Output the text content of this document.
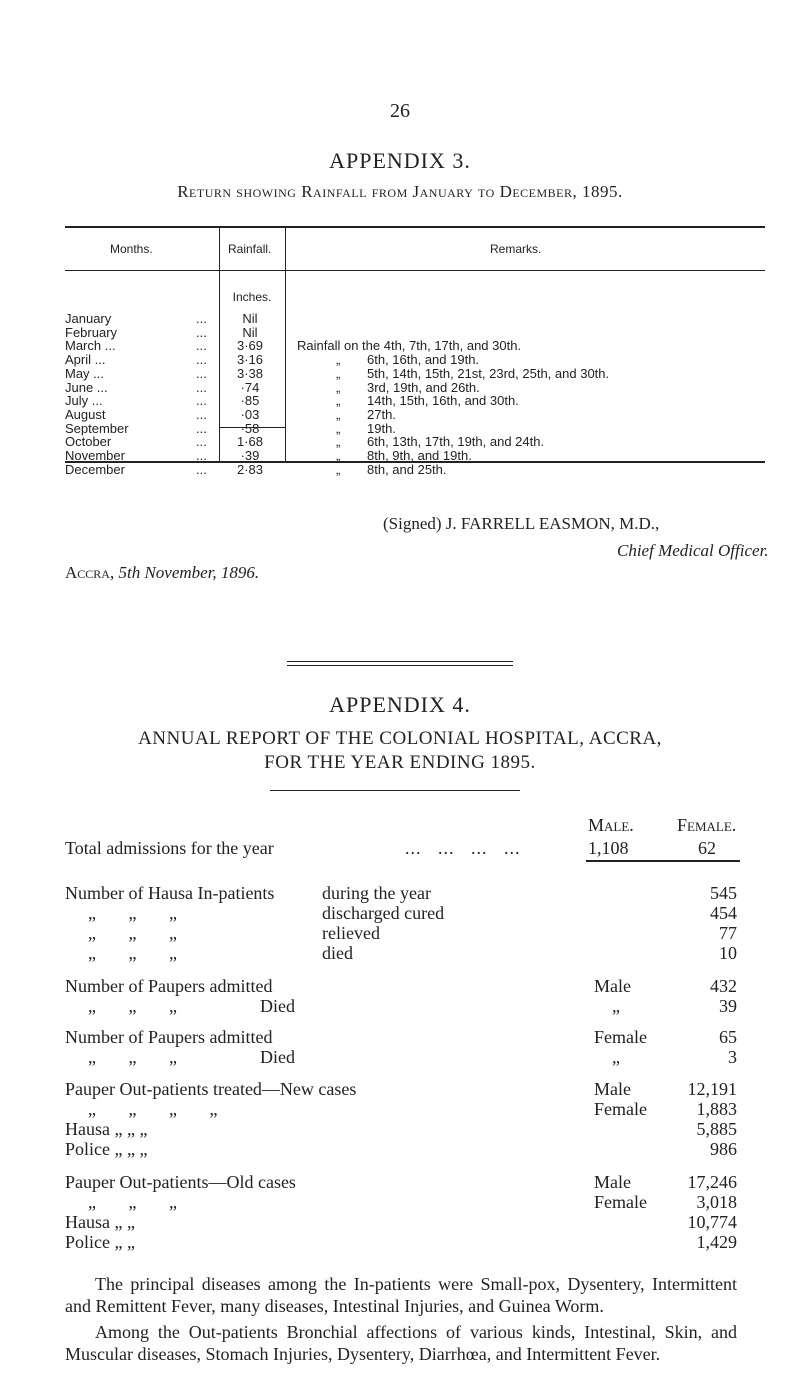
26
APPENDIX 3.
Return showing Rainfall from January to December, 1895.
Months.	Rainfall.	Remarks.
Inches.
January	...	Nil
February	...	Nil
March ...	...	3·69	Rainfall on the 4th, 7th, 17th, and 30th.
April ...	...	3·16	„ 6th, 16th, and 19th.
May ...	...	3·38	„ 5th, 14th, 15th, 21st, 23rd, 25th, and 30th.
June ...	...	·74	„ 3rd, 19th, and 26th.
July ...	...	·85	„ 14th, 15th, 16th, and 30th.
August	...	·03	„ 27th.
September	...	·58	„ 19th.
October	...	1·68	„ 6th, 13th, 17th, 19th, and 24th.
November	...	·39	„ 8th, 9th, and 19th.
December	...	2·83	„ 8th, and 25th.
(Signed) J. FARRELL EASMON, M.D.,
Chief Medical Officer.
Accra, 5th November, 1896.
APPENDIX 4.
ANNUAL REPORT OF THE COLONIAL HOSPITAL, ACCRA,
FOR THE YEAR ENDING 1895.
Male. Female.
Total admissions for the year	...   ...   ...   ...	1,108	62
Number of Hausa In-patients	during the year	545
„ „ „	discharged cured	454
„ „ „	relieved	77
„ „ „	died	10
Number of Paupers admitted	Male	432
„ „ „	Died	„	39
Number of Paupers admitted	Female	65
„ „ „	Died	„	3
Pauper Out-patients treated—New cases	Male	12,191
„ „ „ „	Female	1,883
Hausa „ „ „	5,885
Police „ „ „	986
Pauper Out-patients—Old cases	Male	17,246
„ „ „	Female	3,018
Hausa „ „	10,774
Police „ „	1,429
The principal diseases among the In-patients were Small-pox, Dysentery, Intermittent and Remittent Fever, many diseases, Intestinal Injuries, and Guinea Worm.
Among the Out-patients Bronchial affections of various kinds, Intestinal, Skin, and Muscular diseases, Stomach Injuries, Dysentery, Diarrhœa, and Intermittent Fever.
